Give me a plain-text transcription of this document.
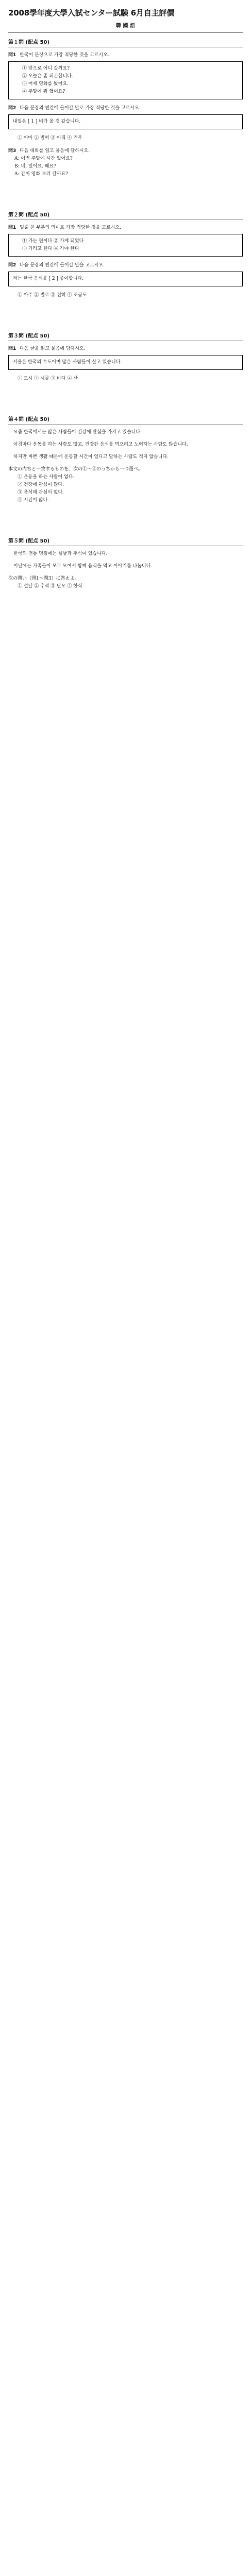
2008學年度大學入試センター試験 6月自主評價
韓 國 語
第１問 (配点 50)
問1 한국어 문장으로 가장 적당한 것을 고르시오.
① 앞으로 어디 갈까요?
② 오늘은 좀 피곤합니다.
③ 어제 영화를 봤어요.
④ 주말에 뭐 했어요?
問2 다음 문장의 빈칸에 들어갈 말로 가장 적당한 것을 고르시오.
내일은 [ 1 ] 비가 올 것 같습니다.
① 아마 ② 벌써 ③ 아직 ④ 겨우
問3 다음 대화를 읽고 물음에 답하시오.
A: 이번 주말에 시간 있어요?
B: 네, 있어요. 왜요?
A: 같이 영화 보러 갈까요?
第２問 (配点 50)
問1 밑줄 친 부분의 의미로 가장 적당한 것을 고르시오.
① 가는 편이다 ② 가게 되었다
③ 가려고 한다 ④ 가야 한다
問2 다음 문장의 빈칸에 들어갈 말을 고르시오.
저는 한국 음식을 [ 2 ] 좋아합니다.
① 아주 ② 별로 ③ 전혀 ④ 조금도
第３問 (配点 50)
問1 다음 글을 읽고 물음에 답하시오.
서울은 한국의 수도이며 많은 사람들이 살고 있습니다.
① 도시 ② 시골 ③ 바다 ④ 산
第４問 (配点 50)
요즘 한국에서는 많은 사람들이 건강에 관심을 가지고 있습니다.
아침마다 운동을 하는 사람도 많고, 건강한 음식을 먹으려고 노력하는 사람도 많습니다.
하지만 바쁜 생활 때문에 운동할 시간이 없다고 말하는 사람도 적지 않습니다.
本文の内容と一致するものを、次の①～④のうちから一つ選べ。
① 운동을 하는 사람이 없다.
② 건강에 관심이 많다.
③ 음식에 관심이 없다.
④ 시간이 많다.
第５問 (配点 50)
한국의 전통 명절에는 설날과 추석이 있습니다.
이날에는 가족들이 모두 모여서 함께 음식을 먹고 이야기를 나눕니다.
次の問い（問1～問3）に答えよ。
① 설날 ② 추석 ③ 단오 ④ 한식
